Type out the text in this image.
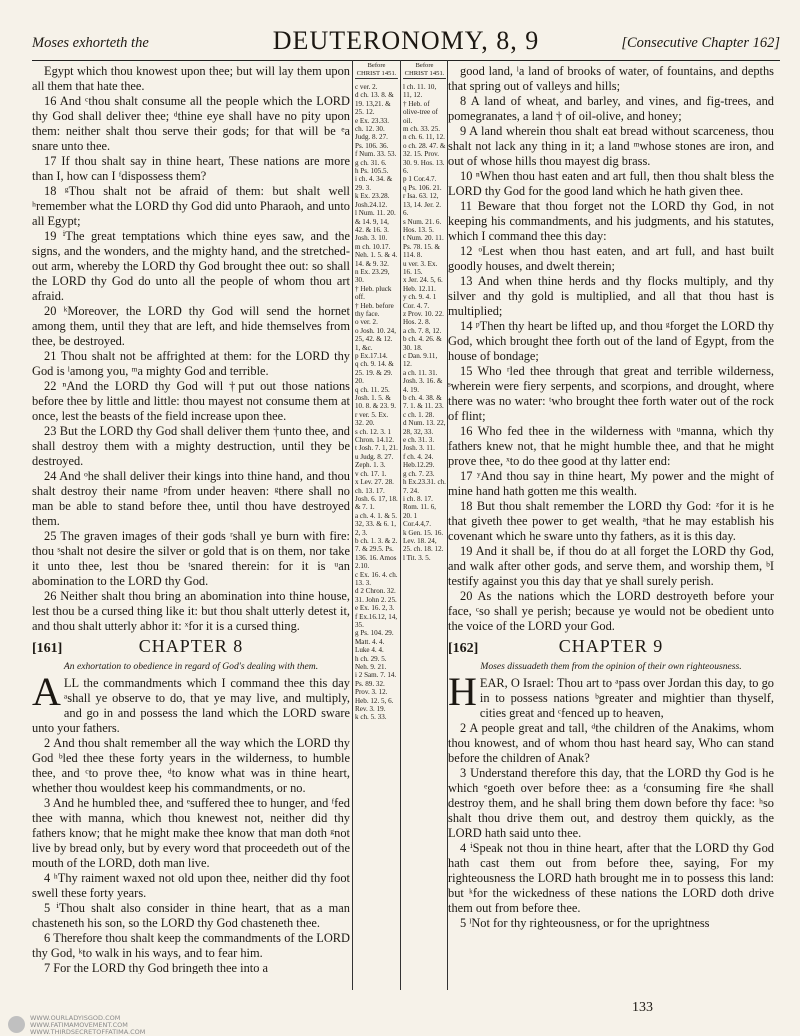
Moses exhorteth the	DEUTERONOMY, 8, 9	[Consecutive Chapter 162]

Egypt which thou knowest upon thee; but will lay them upon all them that hate thee.

16 And ᶜthou shalt consume all the people which the LORD thy God shall deliver thee; ᵈthine eye shall have no pity upon them: neither shalt thou serve their gods; for that will be ᵉa snare unto thee.

17 If thou shalt say in thine heart, These nations are more than I, how can I ᶠdispossess them?

18 ᵍThou shalt not be afraid of them: but shalt well ʰremember what the LORD thy God did unto Pharaoh, and unto all Egypt;

19 ⁱThe great temptations which thine eyes saw, and the signs, and the wonders, and the mighty hand, and the stretched-out arm, whereby the LORD thy God brought thee out: so shall the LORD thy God do unto all the people of whom thou art afraid.

20 ᵏMoreover, the LORD thy God will send the hornet among them, until they that are left, and hide themselves from thee, be destroyed.

21 Thou shalt not be affrighted at them: for the LORD thy God is ˡamong you, ᵐa mighty God and terrible.

22 ⁿAnd the LORD thy God will †put out those nations before thee by little and little: thou mayest not consume them at once, lest the beasts of the field increase upon thee.

23 But the LORD thy God shall deliver them †unto thee, and shall destroy them with a mighty destruction, until they be destroyed.

24 And ᵒhe shall deliver their kings into thine hand, and thou shalt destroy their name ᵖfrom under heaven: ᵍthere shall no man be able to stand before thee, until thou have destroyed them.

25 The graven images of their gods ʳshall ye burn with fire: thou ˢshalt not desire the silver or gold that is on them, nor take it unto thee, lest thou be ᵗsnared therein: for it is ᵘan abomination to the LORD thy God.

26 Neither shalt thou bring an abomination into thine house, lest thou be a cursed thing like it: but thou shalt utterly detest it, and thou shalt utterly abhor it: ˣfor it is a cursed thing.

[161]	CHAPTER 8
An exhortation to obedience in regard of God's dealing with them.

ALL the commandments which I command thee this day ᵃshall ye observe to do, that ye may live, and multiply, and go in and possess the land which the LORD sware unto your fathers.

2 And thou shalt remember all the way which the LORD thy God ᵇled thee these forty years in the wilderness, to humble thee, and ᶜto prove thee, ᵈto know what was in thine heart, whether thou wouldest keep his commandments, or no.

3 And he humbled thee, and ᵉsuffered thee to hunger, and ᶠfed thee with manna, which thou knewest not, neither did thy fathers know; that he might make thee know that man doth ᵍnot live by bread only, but by every word that proceedeth out of the mouth of the LORD, doth man live.

4 ʰThy raiment waxed not old upon thee, neither did thy foot swell these forty years.

5 ⁱThou shalt also consider in thine heart, that as a man chasteneth his son, so the LORD thy God chasteneth thee.

6 Therefore thou shalt keep the commandments of the LORD thy God, ᵏto walk in his ways, and to fear him.

7 For the LORD thy God bringeth thee into a

Before CHRIST 1451.
c ver. 2.
d ch. 13. 8. & 19. 13,21. & 25. 12.
e Ex. 23.33. ch. 12. 30. Judg. 8. 27. Ps. 106. 36.
f Num. 33. 53.
g ch. 31. 6.
h Ps. 105.5.
i ch. 4. 34. & 29. 3.
k Ex. 23.28. Josh.24.12.
l Num. 11. 20. & 14. 9, 14, 42. & 16. 3. Josh. 3. 10.
m ch. 10.17. Neh. 1. 5. & 4. 14. & 9. 32.
n Ex. 23.29, 30.
† Heb. pluck off.
† Heb. before thy face.
o ver. 2.
o Josh. 10. 24, 25, 42. & 12. 1, &c.
p Ex.17.14.
q ch. 9. 14. & 25. 19. & 29. 20.
q ch. 11. 25. Josh. 1. 5. & 10. 8. & 23. 9.
r ver. 5. Ex. 32. 20.
s ch. 12. 3. 1 Chron. 14.12.
t Josh. 7. 1, 21.
u Judg. 8. 27. Zeph. 1. 3.
v ch. 17. 1.
x Lev. 27. 28.
ch. 13. 17. Josh. 6. 17, 18. & 7. 1.
a ch. 4. 1. & 5. 32, 33. & 6. 1, 2, 3.
b ch. 1. 3. & 2. 7. & 29.5. Ps. 136. 16. Amos 2.10.
c Ex. 16. 4. ch. 13. 3.
d 2 Chron. 32. 31. John 2. 25.
e Ex. 16. 2, 3.
f Ex.16.12, 14, 35.
g Ps. 104. 29. Matt. 4. 4. Luke 4. 4.
h ch. 29. 5. Neh. 9. 21.
i 2 Sam. 7. 14. Ps. 89. 32. Prov. 3. 12. Heb. 12. 5, 6. Rev. 3. 19.
k ch. 5. 33.
Before CHRIST 1451.
l ch. 11. 10, 11, 12.
† Heb. of olive-tree of oil.
m ch. 33. 25.
n ch. 6. 11, 12.
o ch. 28. 47. & 32. 15. Prov. 30. 9. Hos. 13. 6.
p 1 Cor.4.7.
q Ps. 106. 21.
r Isa. 63. 12, 13, 14. Jer. 2. 6.
s Num. 21. 6. Hos. 13. 5.
t Num. 20. 11. Ps. 78. 15. & 114. 8.
u ver. 3. Ex. 16. 15.
x Jer. 24. 5, 6. Heb. 12.11.
y ch. 9. 4. 1 Cor. 4. 7.
z Prov. 10. 22. Hos. 2. 8.
a ch. 7. 8, 12.
b ch. 4. 26. & 30. 18.
c Dan. 9.11, 12.
a ch. 11. 31. Josh. 3. 16. & 4. 19.
b ch. 4. 38. & 7. 1. & 11. 23.
c ch. 1. 28.
d Num. 13. 22, 28, 32, 33.
e ch. 31. 3. Josh. 3. 11.
f ch. 4. 24. Heb.12.29.
g ch. 7. 23.
h Ex.23.31. ch. 7. 24.
i ch. 8. 17. Rom. 11. 6, 20. 1 Cor.4.4,7.
k Gen. 15. 16. Lev. 18. 24, 25. ch. 18. 12.
l Tit. 3. 5.

good land, ˡa land of brooks of water, of fountains, and depths that spring out of valleys and hills;

8 A land of wheat, and barley, and vines, and fig-trees, and pomegranates, a land † of oil-olive, and honey;

9 A land wherein thou shalt eat bread without scarceness, thou shalt not lack any thing in it; a land ᵐwhose stones are iron, and out of whose hills thou mayest dig brass.

10 ⁿWhen thou hast eaten and art full, then thou shalt bless the LORD thy God for the good land which he hath given thee.

11 Beware that thou forget not the LORD thy God, in not keeping his commandments, and his judgments, and his statutes, which I command thee this day:

12 ᵒLest when thou hast eaten, and art full, and hast built goodly houses, and dwelt therein;

13 And when thine herds and thy flocks multiply, and thy silver and thy gold is multiplied, and all that thou hast is multiplied;

14 ᵖThen thy heart be lifted up, and thou ᵍforget the LORD thy God, which brought thee forth out of the land of Egypt, from the house of bondage;

15 Who ʳled thee through that great and terrible wilderness, ˢwherein were fiery serpents, and scorpions, and drought, where there was no water: ᵗwho brought thee forth water out of the rock of flint;

16 Who fed thee in the wilderness with ᵘmanna, which thy fathers knew not, that he might humble thee, and that he might prove thee, ˣto do thee good at thy latter end:

17 ʸAnd thou say in thine heart, My power and the might of mine hand hath gotten me this wealth.

18 But thou shalt remember the LORD thy God: ᶻfor it is he that giveth thee power to get wealth, ᵃthat he may establish his covenant which he sware unto thy fathers, as it is this day.

19 And it shall be, if thou do at all forget the LORD thy God, and walk after other gods, and serve them, and worship them, ᵇI testify against you this day that ye shall surely perish.

20 As the nations which the LORD destroyeth before your face, ᶜso shall ye perish; because ye would not be obedient unto the voice of the LORD your God.

[162]	CHAPTER 9
Moses dissuadeth them from the opinion of their own righteousness.

HEAR, O Israel: Thou art to ᵃpass over Jordan this day, to go in to possess nations ᵇgreater and mightier than thyself, cities great and ᶜfenced up to heaven,

2 A people great and tall, ᵈthe children of the Anakims, whom thou knowest, and of whom thou hast heard say, Who can stand before the children of Anak?

3 Understand therefore this day, that the LORD thy God is he which ᵉgoeth over before thee: as a ᶠconsuming fire ᵍhe shall destroy them, and he shall bring them down before thy face: ʰso shalt thou drive them out, and destroy them quickly, as the LORD hath said unto thee.

4 ⁱSpeak not thou in thine heart, after that the LORD thy God hath cast them out from before thee, saying, For my righteousness the LORD hath brought me in to possess this land: but ᵏfor the wickedness of these nations the LORD doth drive them out from before thee.

5 ˡNot for thy righteousness, or for the uprightness

133
WWW.OURLADYISGOD.COM
WWW.FATIMAMOVEMENT.COM
WWW.THIRDSECRETOFFATIMA.COM
